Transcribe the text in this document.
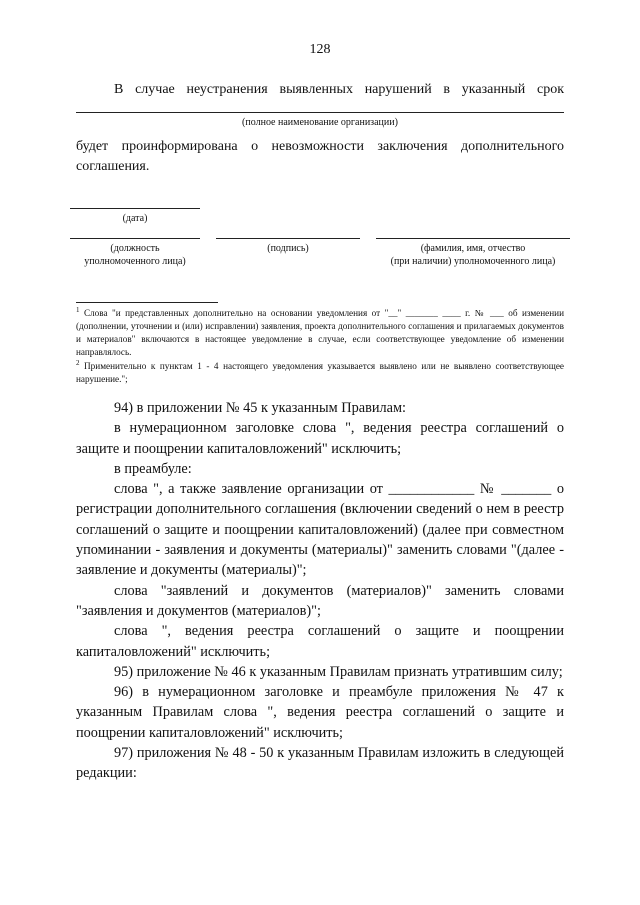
128
В случае неустранения выявленных нарушений в указанный срок
(полное наименование организации)
будет проинформирована о невозможности заключения дополнительного соглашения.
(дата)
(должность
уполномоченного лица)
(подпись)	(фамилия, имя, отчество
(при наличии) уполномоченного лица)
$^1$ Слова "и представленных дополнительно на основании уведомления от "__" _______ ____ г. № ___ об изменении (дополнении, уточнении и (или) исправлении) заявления, проекта дополнительного соглашения и прилагаемых документов и материалов" включаются в настоящее уведомление в случае, если соответствующее уведомление об изменении направлялось.
$^2$ Применительно к пунктам 1 - 4 настоящего уведомления указывается выявлено или не выявлено соответствующее нарушение.";

94) в приложении № 45 к указанным Правилам:

в нумерационном заголовке слова ", ведения реестра соглашений о защите и поощрении капиталовложений" исключить;

в преамбуле:

слова ", а также заявление организации от ____________ № _______ о регистрации дополнительного соглашения (включении сведений о нем в реестр соглашений о защите и поощрении капиталовложений) (далее при совместном упоминании - заявления и документы (материалы)" заменить словами "(далее - заявление и документы (материалы)";

слова "заявлений и документов (материалов)" заменить словами "заявления и документов (материалов)";

слова ", ведения реестра соглашений о защите и поощрении капиталовложений" исключить;

95) приложение № 46 к указанным Правилам признать утратившим силу;

96) в нумерационном заголовке и преамбуле приложения № 47 к указанным Правилам слова ", ведения реестра соглашений о защите и поощрении капиталовложений" исключить;

97) приложения № 48 - 50 к указанным Правилам изложить в следующей редакции:
